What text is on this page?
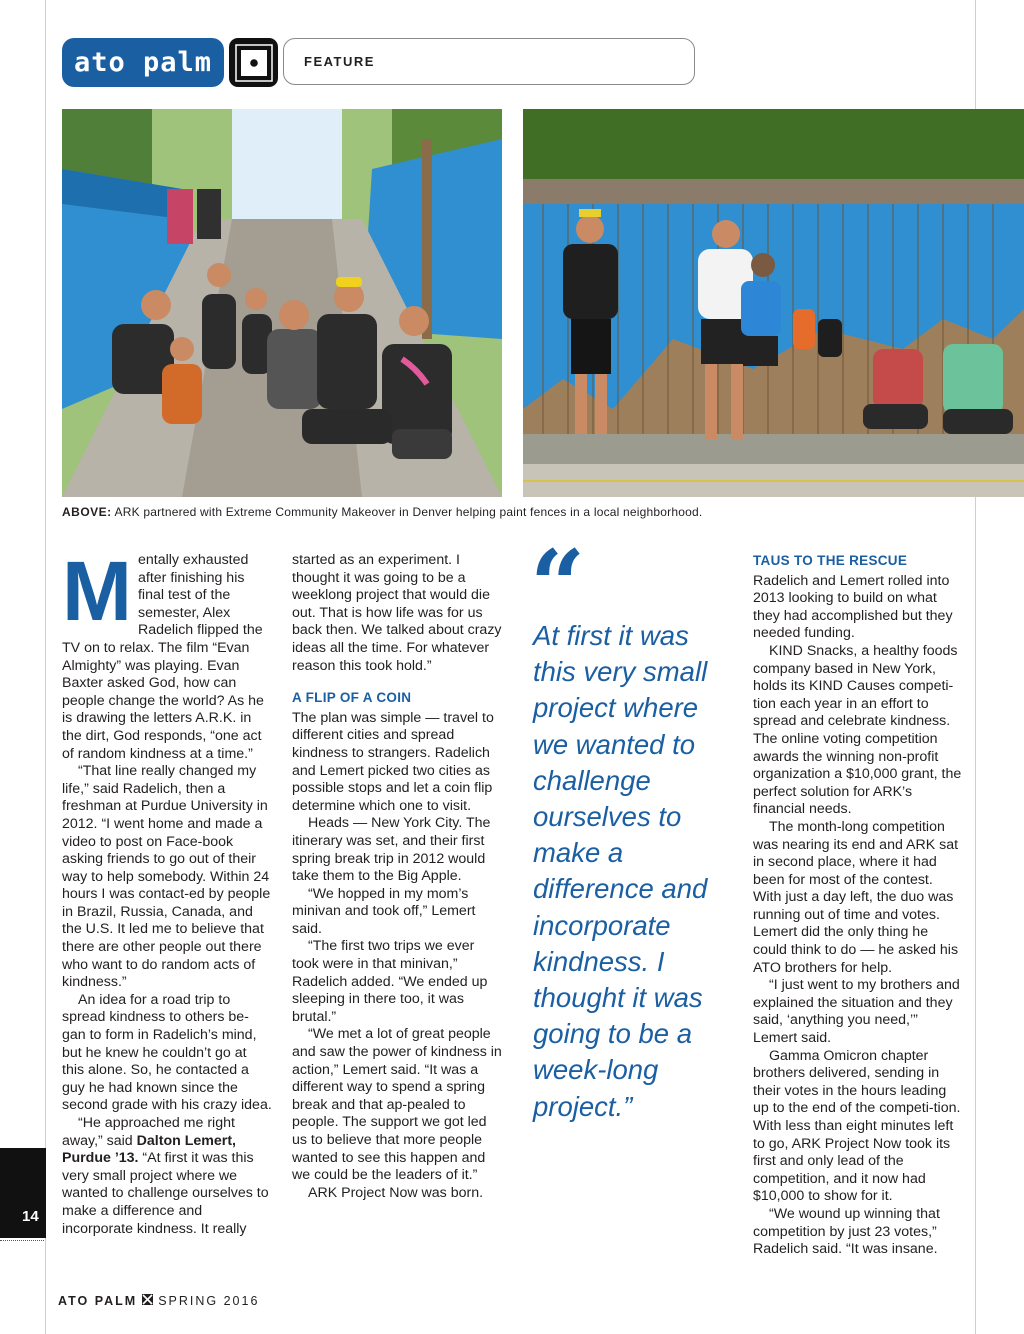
ato palm	FEATURE
ABOVE: ARK partnered with Extreme Community Makeover in Denver helping paint fences in a local neighborhood.
M entally exhausted after finishing his final test of the semester, Alex Radelich flipped the TV on to relax. The film “Evan Almighty” was playing. Evan Baxter asked God, how can people change the world? As he is drawing the letters A.R.K. in the dirt, God responds, “one act of random kindness at a time.”

“That line really changed my life,” said Radelich, then a freshman at Purdue University in 2012. “I went home and made a video to post on Face-book asking friends to go out of their way to help somebody. Within 24 hours I was contact-ed by people in Brazil, Russia, Canada, and the U.S. It led me to believe that there are other people out there who want to do random acts of kindness.”

An idea for a road trip to spread kindness to others be-gan to form in Radelich’s mind, but he knew he couldn’t go at this alone. So, he contacted a guy he had known since the second grade with his crazy idea.

“He approached me right away,” said Dalton Lemert, Purdue ’13. “At first it was this very small project where we wanted to challenge ourselves to make a difference and incorporate kindness. It really

started as an experiment. I thought it was going to be a weeklong project that would die out. That is how life was for us back then. We talked about crazy ideas all the time. For whatever reason this took hold.”

A FLIP OF A COIN

The plan was simple — travel to different cities and spread kindness to strangers. Radelich and Lemert picked two cities as possible stops and let a coin flip determine which one to visit.

Heads — New York City. The itinerary was set, and their first spring break trip in 2012 would take them to the Big Apple.

“We hopped in my mom’s minivan and took off,” Lemert said.

“The first two trips we ever took were in that minivan,” Radelich added. “We ended up sleeping in there too, it was brutal.”

“We met a lot of great people and saw the power of kindness in action,” Lemert said. “It was a different way to spend a spring break and that ap-pealed to people. The support we got led us to believe that more people wanted to see this happen and we could be the leaders of it.”

ARK Project Now was born.

“
At first it was this very small project where we wanted to challenge ourselves to make a difference and incorporate kindness. I thought it was going to be a week-long project.”
TAUS TO THE RESCUE

Radelich and Lemert rolled into 2013 looking to build on what they had accomplished but they needed funding.

KIND Snacks, a healthy foods company based in New York, holds its KIND Causes competi-tion each year in an effort to spread and celebrate kindness. The online voting competition awards the winning non-profit organization a $10,000 grant, the perfect solution for ARK’s financial needs.

The month-long competition was nearing its end and ARK sat in second place, where it had been for most of the contest. With just a day left, the duo was running out of time and votes. Lemert did the only thing he could think to do — he asked his ATO brothers for help.

“I just went to my brothers and explained the situation and they said, ‘anything you need,’” Lemert said.

Gamma Omicron chapter brothers delivered, sending in their votes in the hours leading up to the end of the competi-tion. With less than eight minutes left to go, ARK Project Now took its first and only lead of the competition, and it now had $10,000 to show for it.

“We wound up winning that competition by just 23 votes,” Radelich said. “It was insane.

14
ATO PALM SPRING 2016
